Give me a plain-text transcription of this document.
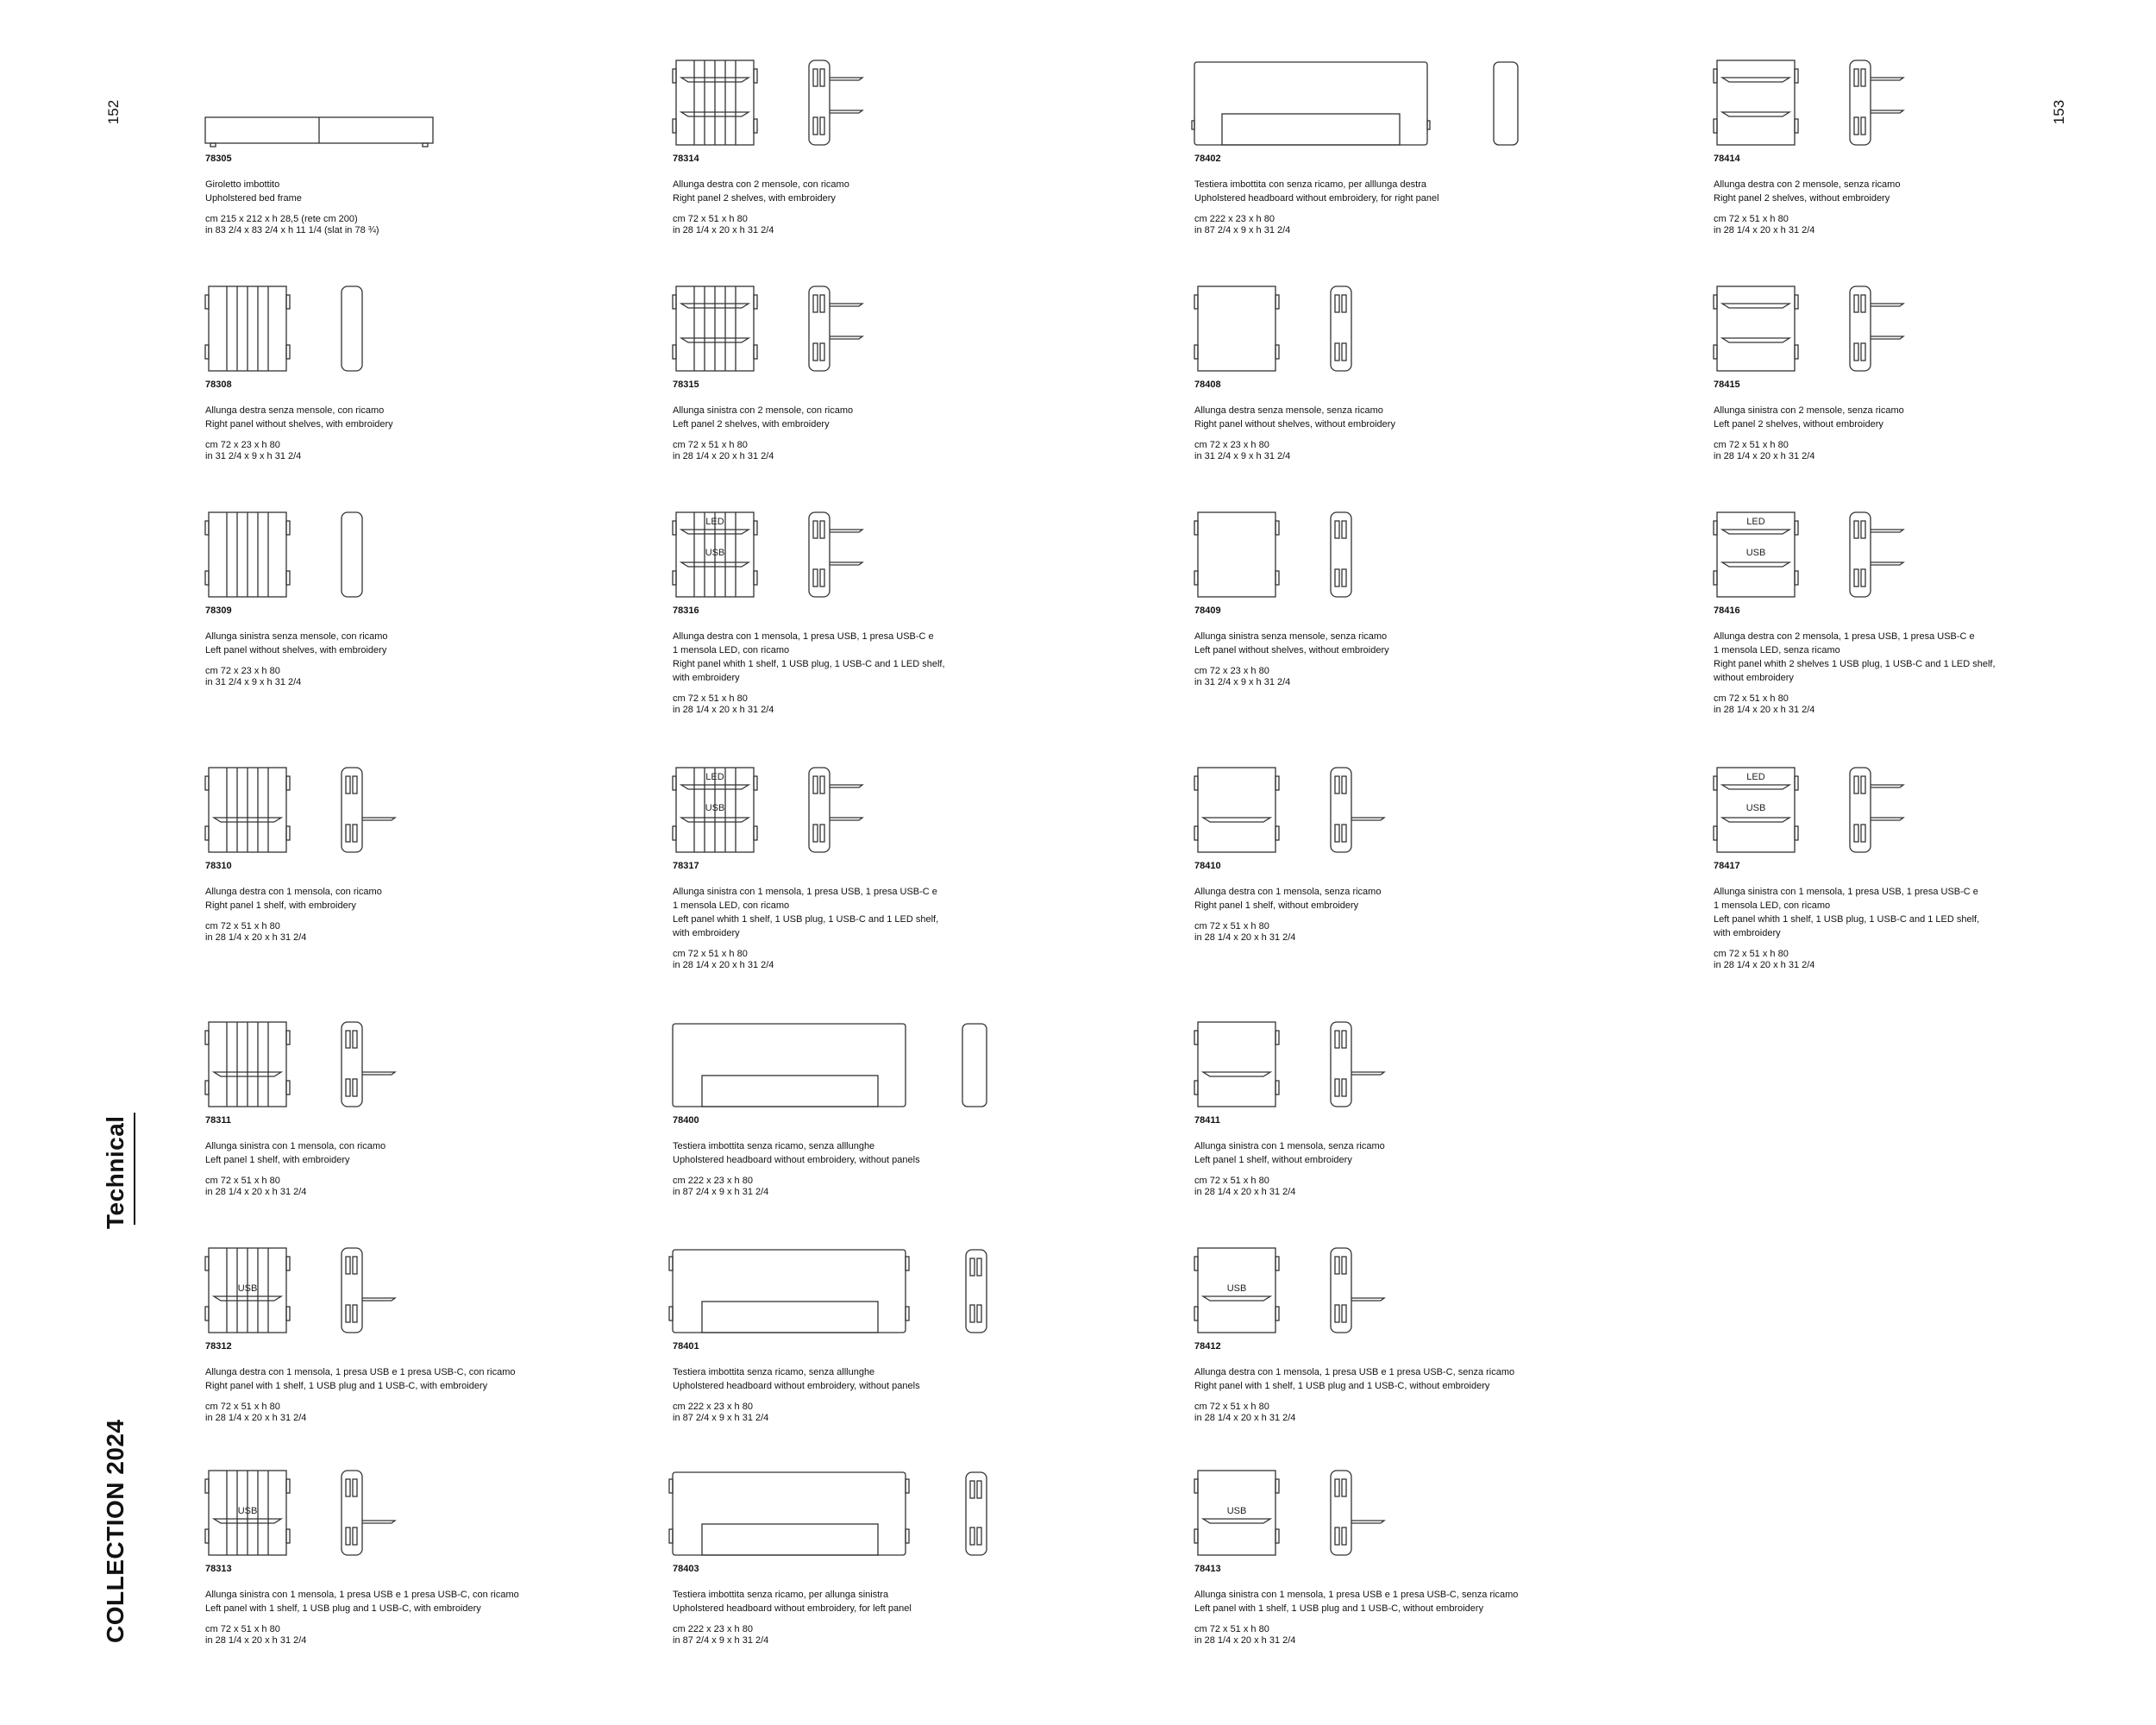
152	153
Technical
COLLECTION 2024
78305
Giroletto imbottito
Upholstered bed frame
cm 215 x 212 x h 28,5 (rete cm 200)
in 83 2/4 x 83 2/4 x h 11 1/4 (slat in 78 ¾)
78314
Allunga destra con 2 mensole, con ricamo
Right panel 2 shelves, with embroidery
cm 72 x 51 x h 80
in 28 1/4 x 20 x h 31 2/4
78402
Testiera imbottita con senza ricamo, per alllunga destra
Upholstered headboard without embroidery, for right panel
cm 222 x 23 x h 80
in 87 2/4 x 9 x h 31 2/4
78414
Allunga destra con 2 mensole, senza ricamo
Right panel 2 shelves, without embroidery
cm 72 x 51 x h 80
in 28 1/4 x 20 x h 31 2/4
78308
Allunga destra senza mensole, con ricamo
Right panel without shelves, with embroidery
cm 72 x 23 x h 80
in 31 2/4 x 9 x h 31 2/4
78315
Allunga sinistra con 2 mensole, con ricamo
Left panel 2 shelves, with embroidery
cm 72 x 51 x h 80
in 28 1/4 x 20 x h 31 2/4
78408
Allunga destra senza mensole, senza ricamo
Right panel without shelves, without embroidery
cm 72 x 23 x h 80
in 31 2/4 x 9 x h 31 2/4
78415
Allunga sinistra con 2 mensole, senza ricamo
Left panel 2 shelves, without embroidery
cm 72 x 51 x h 80
in 28 1/4 x 20 x h 31 2/4
78309
Allunga sinistra senza mensole, con ricamo
Left panel without shelves, with embroidery
cm 72 x 23 x h 80
in 31 2/4 x 9 x h 31 2/4
LED
USB
78316
Allunga destra con 1 mensola, 1 presa USB, 1 presa USB-C e
1 mensola LED, con ricamo
Right panel whith 1 shelf, 1 USB plug, 1 USB-C and 1 LED shelf,
with embroidery
cm 72 x 51 x h 80
in 28 1/4 x 20 x h 31 2/4
78409
Allunga sinistra senza mensole, senza ricamo
Left panel without shelves, without embroidery
cm 72 x 23 x h 80
in 31 2/4 x 9 x h 31 2/4
LED
USB
78416
Allunga destra con 2 mensola, 1 presa USB, 1 presa USB-C e
1 mensola LED, senza ricamo
Right panel whith 2 shelves 1 USB plug, 1 USB-C and 1 LED shelf,
without embroidery
cm 72 x 51 x h 80
in 28 1/4 x 20 x h 31 2/4
78310
Allunga destra con 1 mensola, con ricamo
Right panel 1 shelf, with embroidery
cm 72 x 51 x h 80
in 28 1/4 x 20 x h 31 2/4
LED
USB
78317
Allunga sinistra con 1 mensola, 1 presa USB, 1 presa USB-C e
1 mensola LED, con ricamo
Left panel whith 1 shelf, 1 USB plug, 1 USB-C and 1 LED shelf,
with embroidery
cm 72 x 51 x h 80
in 28 1/4 x 20 x h 31 2/4
78410
Allunga destra con 1 mensola, senza ricamo
Right panel 1 shelf, without embroidery
cm 72 x 51 x h 80
in 28 1/4 x 20 x h 31 2/4
LED
USB
78417
Allunga sinistra con 1 mensola, 1 presa USB, 1 presa USB-C e
1 mensola LED, con ricamo
Left panel whith 1 shelf, 1 USB plug, 1 USB-C and 1 LED shelf,
with embroidery
cm 72 x 51 x h 80
in 28 1/4 x 20 x h 31 2/4
78311
Allunga sinistra con 1 mensola, con ricamo
Left panel 1 shelf, with embroidery
cm 72 x 51 x h 80
in 28 1/4 x 20 x h 31 2/4
78400
Testiera imbottita senza ricamo, senza alllunghe
Upholstered headboard without embroidery, without panels
cm 222 x 23 x h 80
in 87 2/4 x 9 x h 31 2/4
78411
Allunga sinistra con 1 mensola, senza ricamo
Left panel 1 shelf, without embroidery
cm 72 x 51 x h 80
in 28 1/4 x 20 x h 31 2/4
USB
78312
Allunga destra con 1 mensola, 1 presa USB e 1 presa USB-C, con ricamo
Right panel with 1 shelf, 1 USB plug and 1 USB-C, with embroidery
cm 72 x 51 x h 80
in 28 1/4 x 20 x h 31 2/4
78401
Testiera imbottita senza ricamo, senza alllunghe
Upholstered headboard without embroidery, without panels
cm 222 x 23 x h 80
in 87 2/4 x 9 x h 31 2/4
USB
78412
Allunga destra con 1 mensola, 1 presa USB e 1 presa USB-C, senza ricamo
Right panel with 1 shelf, 1 USB plug and 1 USB-C, without embroidery
cm 72 x 51 x h 80
in 28 1/4 x 20 x h 31 2/4
USB
78313
Allunga sinistra con 1 mensola, 1 presa USB e 1 presa USB-C, con ricamo
Left panel with 1 shelf, 1 USB plug and 1 USB-C, with embroidery
cm 72 x 51 x h 80
in 28 1/4 x 20 x h 31 2/4
78403
Testiera imbottita senza ricamo, per allunga sinistra
Upholstered headboard without embroidery, for left panel
cm 222 x 23 x h 80
in 87 2/4 x 9 x h 31 2/4
USB
78413
Allunga sinistra con 1 mensola, 1 presa USB e 1 presa USB-C, senza ricamo
Left panel with 1 shelf, 1 USB plug and 1 USB-C, without embroidery
cm 72 x 51 x h 80
in 28 1/4 x 20 x h 31 2/4
